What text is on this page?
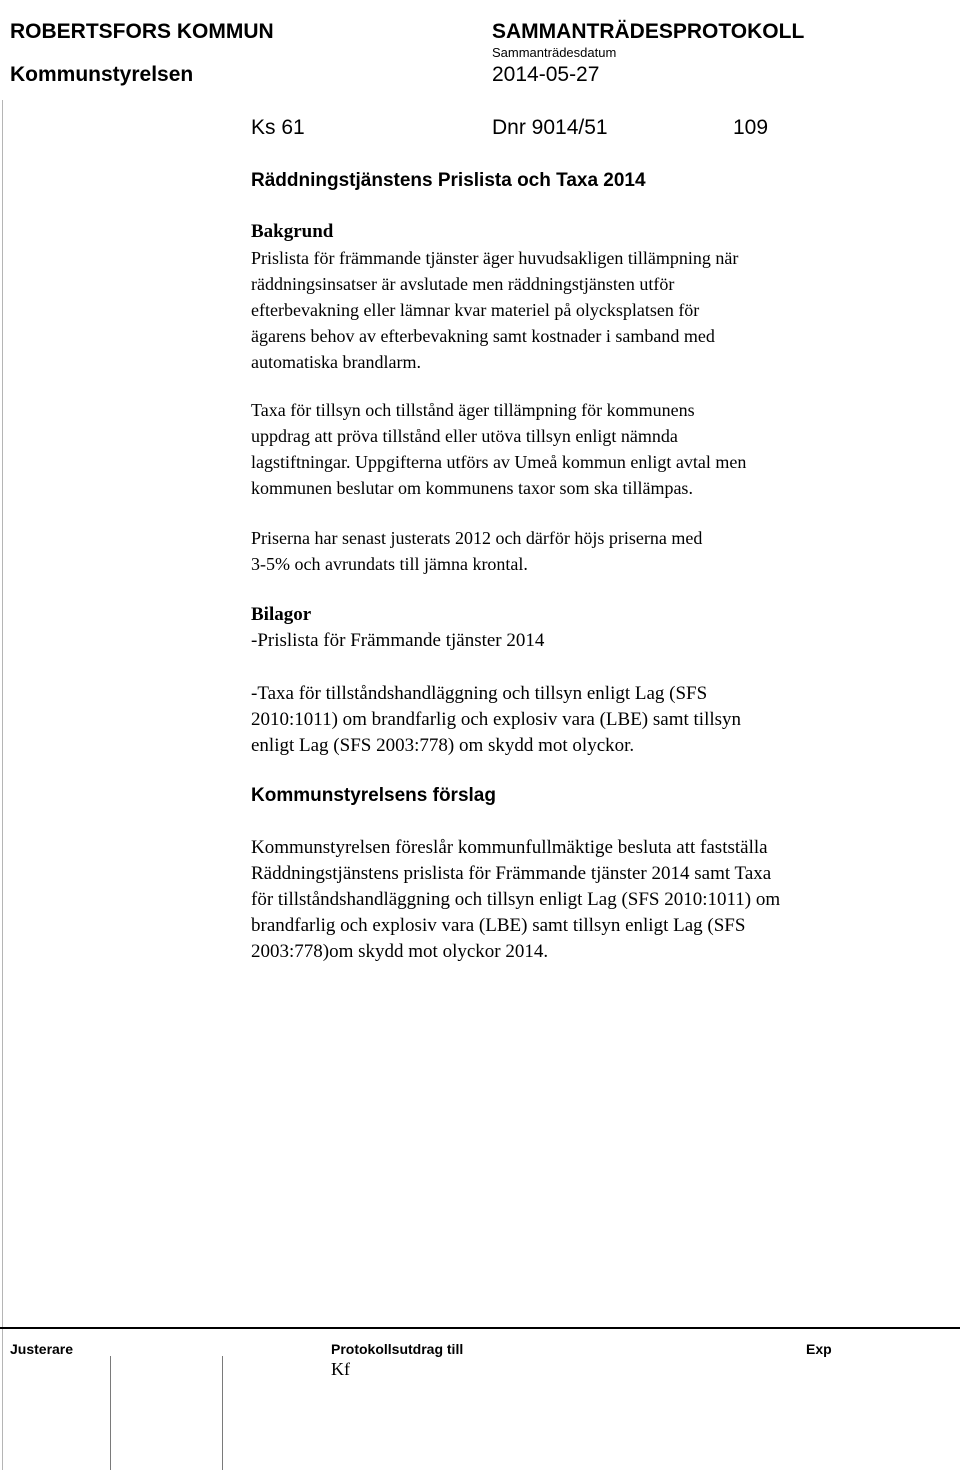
ROBERTSFORS KOMMUN	SAMMANTRÄDESPROTOKOLL
Sammanträdesdatum
Kommunstyrelsen	2014-05-27
Ks 61	Dnr 9014/51	109
Räddningstjänstens Prislista och Taxa 2014
Bakgrund
Prislista för främmande tjänster äger huvudsakligen tillämpning när
räddningsinsatser är avslutade men räddningstjänsten utför
efterbevakning eller lämnar kvar materiel på olycksplatsen för
ägarens behov av efterbevakning samt kostnader i samband med
automatiska brandlarm.
Taxa för tillsyn och tillstånd äger tillämpning för kommunens
uppdrag att pröva tillstånd eller utöva tillsyn enligt nämnda
lagstiftningar. Uppgifterna utförs av Umeå kommun enligt avtal men
kommunen beslutar om kommunens taxor som ska tillämpas.
Priserna har senast justerats 2012 och därför höjs priserna med
3-5% och avrundats till jämna krontal.
Bilagor
-Prislista för Främmande tjänster 2014
-Taxa för tillståndshandläggning och tillsyn enligt Lag (SFS
2010:1011) om brandfarlig och explosiv vara (LBE) samt tillsyn
enligt Lag (SFS 2003:778) om skydd mot olyckor.
Kommunstyrelsens förslag
Kommunstyrelsen föreslår kommunfullmäktige besluta att fastställa
Räddningstjänstens prislista för Främmande tjänster 2014 samt Taxa
för tillståndshandläggning och tillsyn enligt Lag (SFS 2010:1011) om
brandfarlig och explosiv vara (LBE) samt tillsyn enligt Lag (SFS
2003:778)om skydd mot olyckor 2014.
Justerare	Protokollsutdrag till	Exp
Kf
